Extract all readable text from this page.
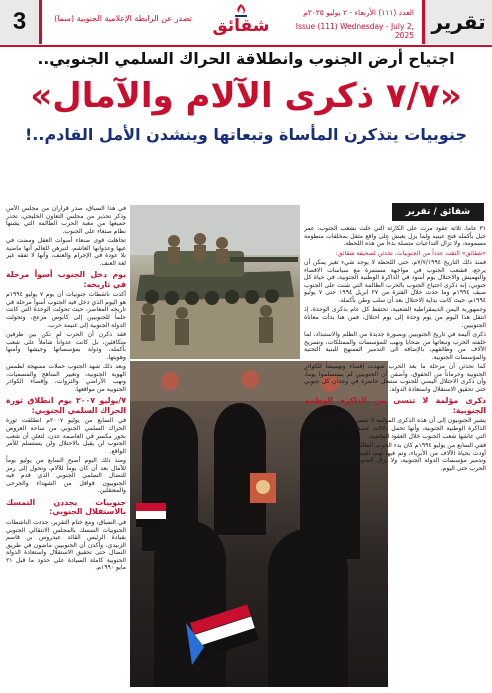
3	تصدر عن الرابطة الإعلامية الجنوبية (سما)	شقائق
العدد (١١١) الأربعاء - ٢ يوليو ٢٠٢٥م
Issue (111) Wednesday - July 2, 2025
تقرير
اجتياح أرض الجنوب وانطلاقة الحراك السلمي الجنوبي..
«٧/٧ ذكرى الآلام والآمال»
جنوبيات يتذكرن المأساة وتبعاتها وينشدن الأمل القادم..!
شقائق / تقرير

٣١ عاماً، ثلاثة عقود مرت على الكارثة التي حلت بشعب الجنوب، عمر جيل بأكمله فتح عينيه ولما يزل يعيش على واقع مثقل بمخلفات منظومة مسمومة، ولا تزال التداعيات متصلة بدءاً من هذه اللحظة.

«شقائق» التقت عدداً من الجنوبيات، تحدثن لصحيفة شقائق:

فمنذ ذلك التاريخ ٧/٧/١٩٩٤م، حتى اللحظة لا يوجد شيء تغير يمكن أن يرجع، فشعب الجنوب في مواجهة مستمرة مع سياسات الاقصاء والتهميش والاحتلال يوم أسود في الذاكرة الوطنية الجنوبية، في حياة كل جنوبي، إنه ذكرى اجتياح الجنوب بالحرب الظالمة التي شنت على الجنوب صيف ١٩٩٤م وما حدث خلال الفترة من ٢٧ ابريل ١٩٩٤ حتى ٧ يوليو ١٩٩٤م، حيث كانت بداية الاحتلال بعد أن سلب وطن بأكمله.

وجمهورية اليمن الديمقراطية الشعبية، تحتفظ كل عام بذكرى الوحدة، إذ انتقل هذا اليوم من يوم وحدة إلى يوم احتلال، فمن هنا بدأت معاناة الجنوبيين.

ذكرى أليمة في تاريخ الجنوبيين وبصورة جديدة من الظلم والاستبداد، لما خلفته الحرب وتبعاتها من ضحايا ونهب للمؤسسات والممتلكات، وتسريح الآلاف من وظائفهم، بالإضافة الى التدمير الممنهج للبنية التحتية والمؤسسات الجنوبية.

كما تحدثن أن مرحلة ما بعد الحرب شهدت إقصاء وتهميشاً للكوادر الجنوبية وحرماناً من الحقوق، وأضفن أن الجنوبيين لم يستسلموا يوماً، وأن ذكرى الاحتلال اليمني للجنوب ستظل حاضرة في وجدان كل جنوبي حتى تحقيق الاستقلال واستعادة الدولة.

ذكرى مؤلمة لا تنسى من الذاكرة الوطنية الجنوبية:

يشير الجنوبيون إلى أن هذه الذكرى المؤلمة لا تنسى، فهي جرح غائر في الذاكرة الوطنية الجنوبية، وأنها تحمل دلالات عميقة على حجم المعاناة التي عاشها شعب الجنوب خلال العقود الماضية.

ففي السابع من يوليو ١٩٩٤م كان بدء الحرب الظالمة على الجنوب، والتي أودت بحياة الآلاف من الأبرياء، وتم فيها نهب الممتلكات العامة والخاصة وتدمير مؤسسات الدولة الجنوبية، ولا يزال الجنوبيون يدفعون ثمن تلك الحرب حتى اليوم.

في هذا السياق، صدر قراران من مجلس الأمن وذكر تحذير من مجلس التعاون الخليجي، تحذر جميعها من مغبة الحرب الظالمة التي يشنها نظام صنعاء على الجنوب.

تجاهلت قوى صنعاء أصوات العقل ومضت في غيها وعدوانها الغاشم، لتبرهن للعالم أنها ماضية بلا عودة في الإجرام والعنف، وأنها لا تفقه غير لغة العنف.

يوم دخل الجنوب أسوأ مرحلة في تاريخه:

أكدت ناشطات جنوبيات أن يوم ٧ يوليو ١٩٩٤م هو اليوم الذي دخل فيه الجنوب أسوأ مرحلة في تاريخه المعاصر، حيث تحولت الوحدة التي كانت حلماً للجنوبيين إلى كابوس مزعج، وتحولت الدولة الجنوبية إلى غنيمة حرب.

فقد ذكرن أن الحرب لم تكن بين طرفين متكافئين، بل كانت عدواناً شاملاً على شعب بأكمله، ودولة بمؤسساتها وجيشها وأمنها وهويتها.

وبعد ذلك شهد الجنوب حملات ممنهجة لطمس الهوية الجنوبية، وتغيير المناهج والمسميات، ونهب الأراضي والثروات، وإقصاء الكوادر الجنوبية من مواقعها.

٧/يوليو ٢٠٠٧ يوم انطلاق ثورة الحراك السلمي الجنوبي:

في السابع من يوليو ٢٠٠٧م انطلقت ثورة الحراك السلمي الجنوبي من ساحة العروض بخور مكسر في العاصمة عدن، لتعلن أن شعب الجنوب لن يقبل بالاحتلال ولن يستسلم للأمر الواقع.

ومنذ ذلك اليوم أصبح السابع من يوليو يوماً للآمال بعد أن كان يوماً للآلام، وتحول إلى رمز للنضال السلمي الجنوبي الذي قدم فيه الجنوبيون قوافل من الشهداء والجرحى والمعتقلين.

جنوبيات يجددن التمسك بالاستقلال الجنوبي:

في السياق، ومع ختام التقرير، جددت الناشطات الجنوبيات التمسك بالمجلس الانتقالي الجنوبي بقيادة الرئيس القائد عيدروس بن قاسم الزبيدي، وأكدن أن الجنوبيين ماضون في طريق النضال حتى تحقيق الاستقلال واستعادة الدولة الجنوبية كاملة السيادة على حدود ما قبل ٢١ مايو ١٩٩٠م.
